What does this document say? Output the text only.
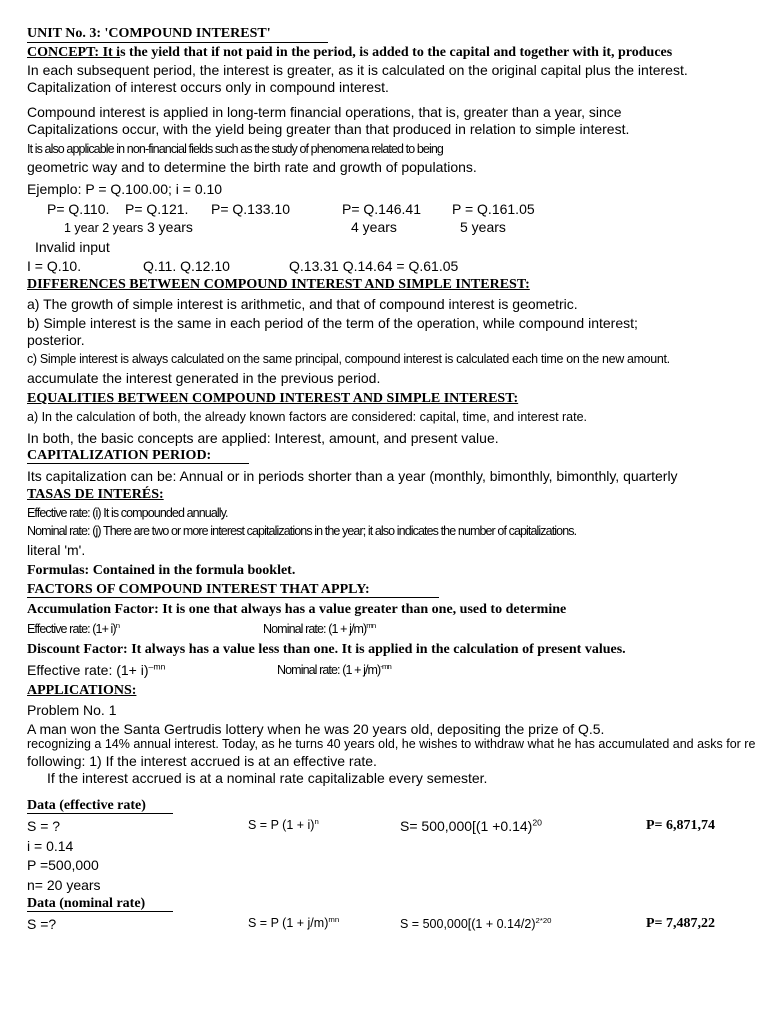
UNIT No. 3: 'COMPOUND INTEREST'
CONCEPT: It is the yield that if not paid in the period, is added to the capital and together with it, produces
In each subsequent period, the interest is greater, as it is calculated on the original capital plus the interest.
Capitalization of interest occurs only in compound interest.
Compound interest is applied in long-term financial operations, that is, greater than a year, since
Capitalizations occur, with the yield being greater than that produced in relation to simple interest.
It is also applicable in non-financial fields such as the study of phenomena related to being
geometric way and to determine the birth rate and growth of populations.
Ejemplo: P = Q.100.00; i = 0.10
P= Q.110. P= Q.121. P= Q.133.10	P= Q.146.41 P = Q.161.05
1 year 2 years 3 years	4 years	5 years
Invalid input
I = Q.10.	Q.11. Q.12.10	Q.13.31 Q.14.64 = Q.61.05
DIFFERENCES BETWEEN COMPOUND INTEREST AND SIMPLE INTEREST:
a) The growth of simple interest is arithmetic, and that of compound interest is geometric.
b) Simple interest is the same in each period of the term of the operation, while compound interest;
posterior.
c) Simple interest is always calculated on the same principal, compound interest is calculated each time on the new amount.
accumulate the interest generated in the previous period.
EQUALITIES BETWEEN COMPOUND INTEREST AND SIMPLE INTEREST:
a) In the calculation of both, the already known factors are considered: capital, time, and interest rate.
In both, the basic concepts are applied: Interest, amount, and present value.
CAPITALIZATION PERIOD:
Its capitalization can be: Annual or in periods shorter than a year (monthly, bimonthly, bimonthly, quarterly
TASAS DE INTERÉS:
Effective rate: (i) It is compounded annually.
Nominal rate: (j) There are two or more interest capitalizations in the year; it also indicates the number of capitalizations.
literal 'm'.
Formulas: Contained in the formula booklet.
FACTORS OF COMPOUND INTEREST THAT APPLY:
Accumulation Factor: It is one that always has a value greater than one, used to determine
Effective rate: $(1+ i)^n$	Nominal rate: $(1 + j/m)^{mn}$
Discount Factor: It always has a value less than one. It is applied in the calculation of present values.
Effective rate: $(1+ i)^{-mn}$	Nominal rate: $(1 + j/m)^{-mn}$
APPLICATIONS:
Problem No. 1
A man won the Santa Gertrudis lottery when he was 20 years old, depositing the prize of Q.5.
recognizing a 14% annual interest. Today, as he turns 40 years old, he wishes to withdraw what he has accumulated and asks for re
following: 1) If the interest accrued is at an effective rate.
If the interest accrued is at a nominal rate capitalizable every semester.
Data (effective rate)
S = ?	S = P $(1 + i)^n$	$S= 500,000[(1 +0.14)^{20}$	P= 6,871,74
i = 0.14
P =500,000
n= 20 years
Data (nominal rate)
S =?	S = P $(1 + j/m)^{mn}$	$S = 500,000[(1 + 0.14/2)^{2*20}$	P= 7,487,22
